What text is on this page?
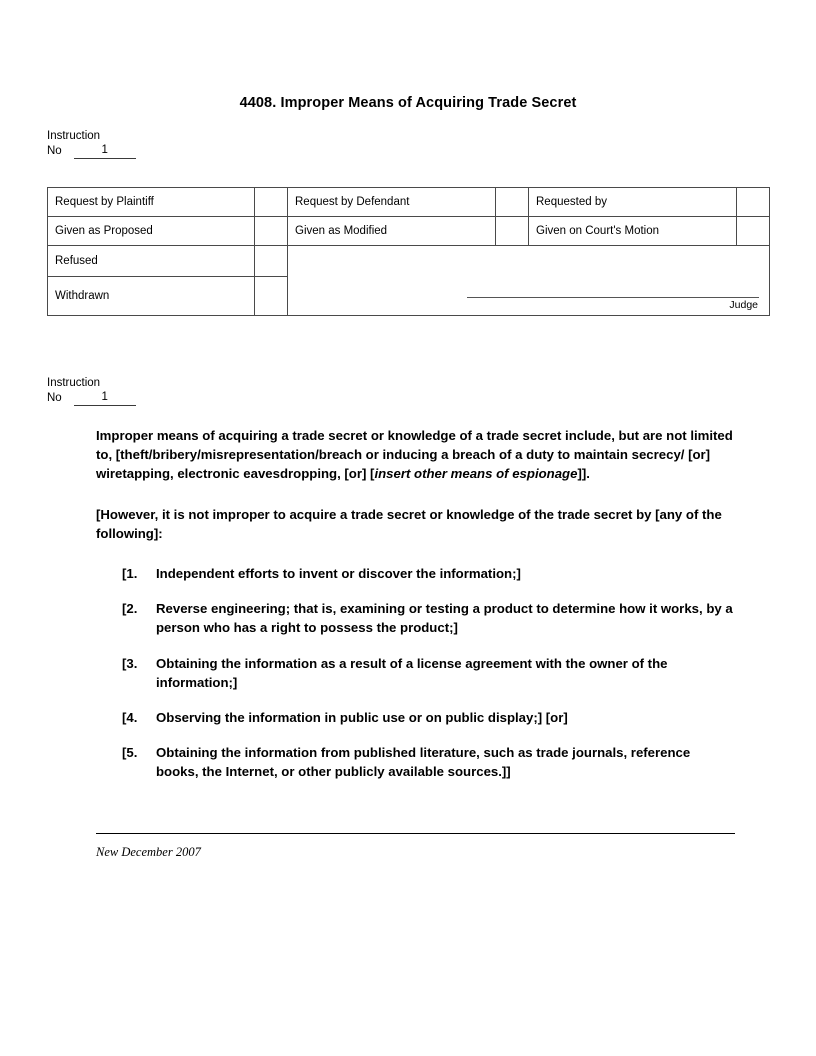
4408. Improper Means of Acquiring Trade Secret
Instruction
No	1
Request by Plaintiff		Request by Defendant		Requested by	
Given as Proposed		Given as Modified		Given on Court's Motion	
Refused		Judge			

Withdrawn					
Instruction
No	1

Improper means of acquiring a trade secret or knowledge of a trade secret include, but are not limited to, [theft/bribery/misrepresentation/breach or inducing a breach of a duty to maintain secrecy/ [or] wiretapping, electronic eavesdropping, [or] [insert other means of espionage]].

[However, it is not improper to acquire a trade secret or knowledge of the trade secret by [any of the following]:

[1.	Independent efforts to invent or discover the information;]
[2.	Reverse engineering; that is, examining or testing a product to determine how it works, by a person who has a right to possess the product;]
[3.	Obtaining the information as a result of a license agreement with the owner of the information;]
[4.	Observing the information in public use or on public display;] [or]
[5.	Obtaining the information from published literature, such as trade journals, reference books, the Internet, or other publicly available sources.]]
New December 2007
